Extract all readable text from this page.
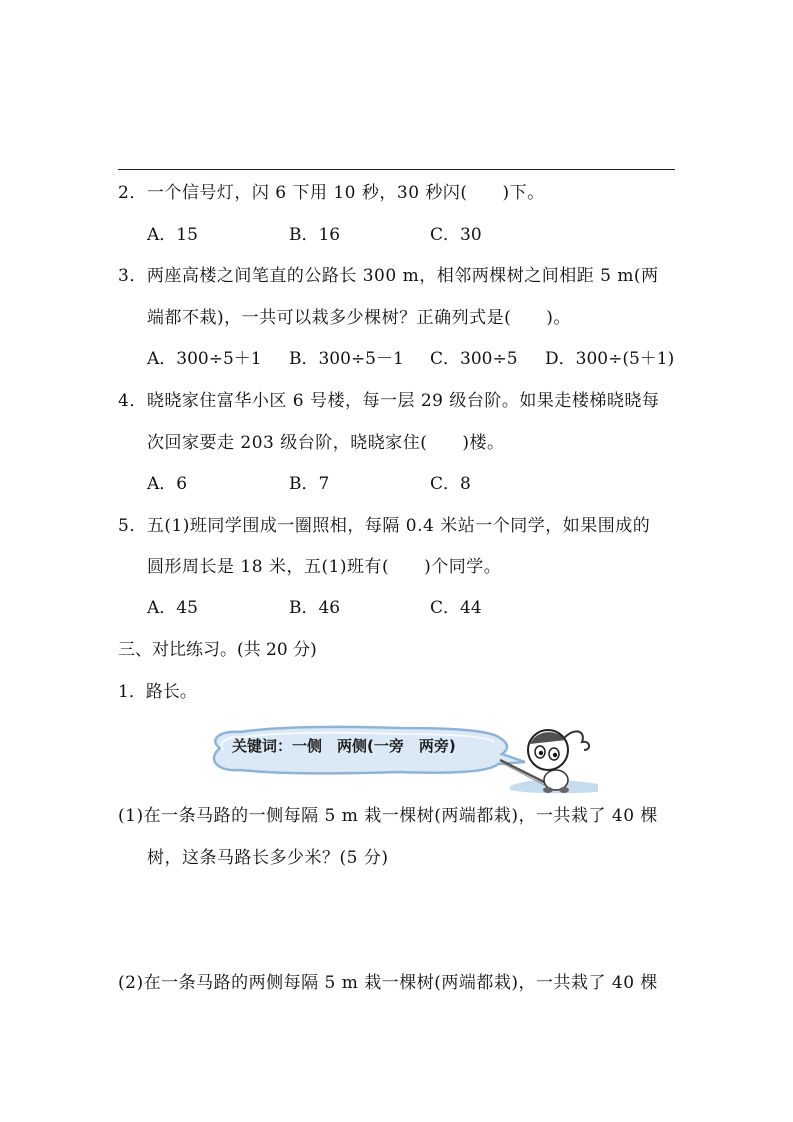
2．一个信号灯，闪 6 下用 10 秒，30 秒闪(　　)下。
A．15	B．16	C．30
3．两座高楼之间笔直的公路长 300 m，相邻两棵树之间相距 5 m(两
端都不栽)，一共可以栽多少棵树？正确列式是(　　)。
A．300÷5＋1 B．300÷5－1 C．300÷5 D．300÷(5＋1)
4．晓晓家住富华小区 6 号楼，每一层 29 级台阶。如果走楼梯晓晓每
次回家要走 203 级台阶，晓晓家住(　　)楼。
A．6	B．7	C．8
5．五(1)班同学围成一圈照相，每隔 0.4 米站一个同学，如果围成的
圆形周长是 18 米，五(1)班有(　　)个同学。
A．45	B．46	C．44
三、对比练习。(共 20 分)
1．路长。
关键词：一侧　两侧(一旁　两旁)
(1)在一条马路的一侧每隔 5 m 栽一棵树(两端都栽)，一共栽了 40 棵
树，这条马路长多少米？(5 分)
(2)在一条马路的两侧每隔 5 m 栽一棵树(两端都栽)，一共栽了 40 棵
